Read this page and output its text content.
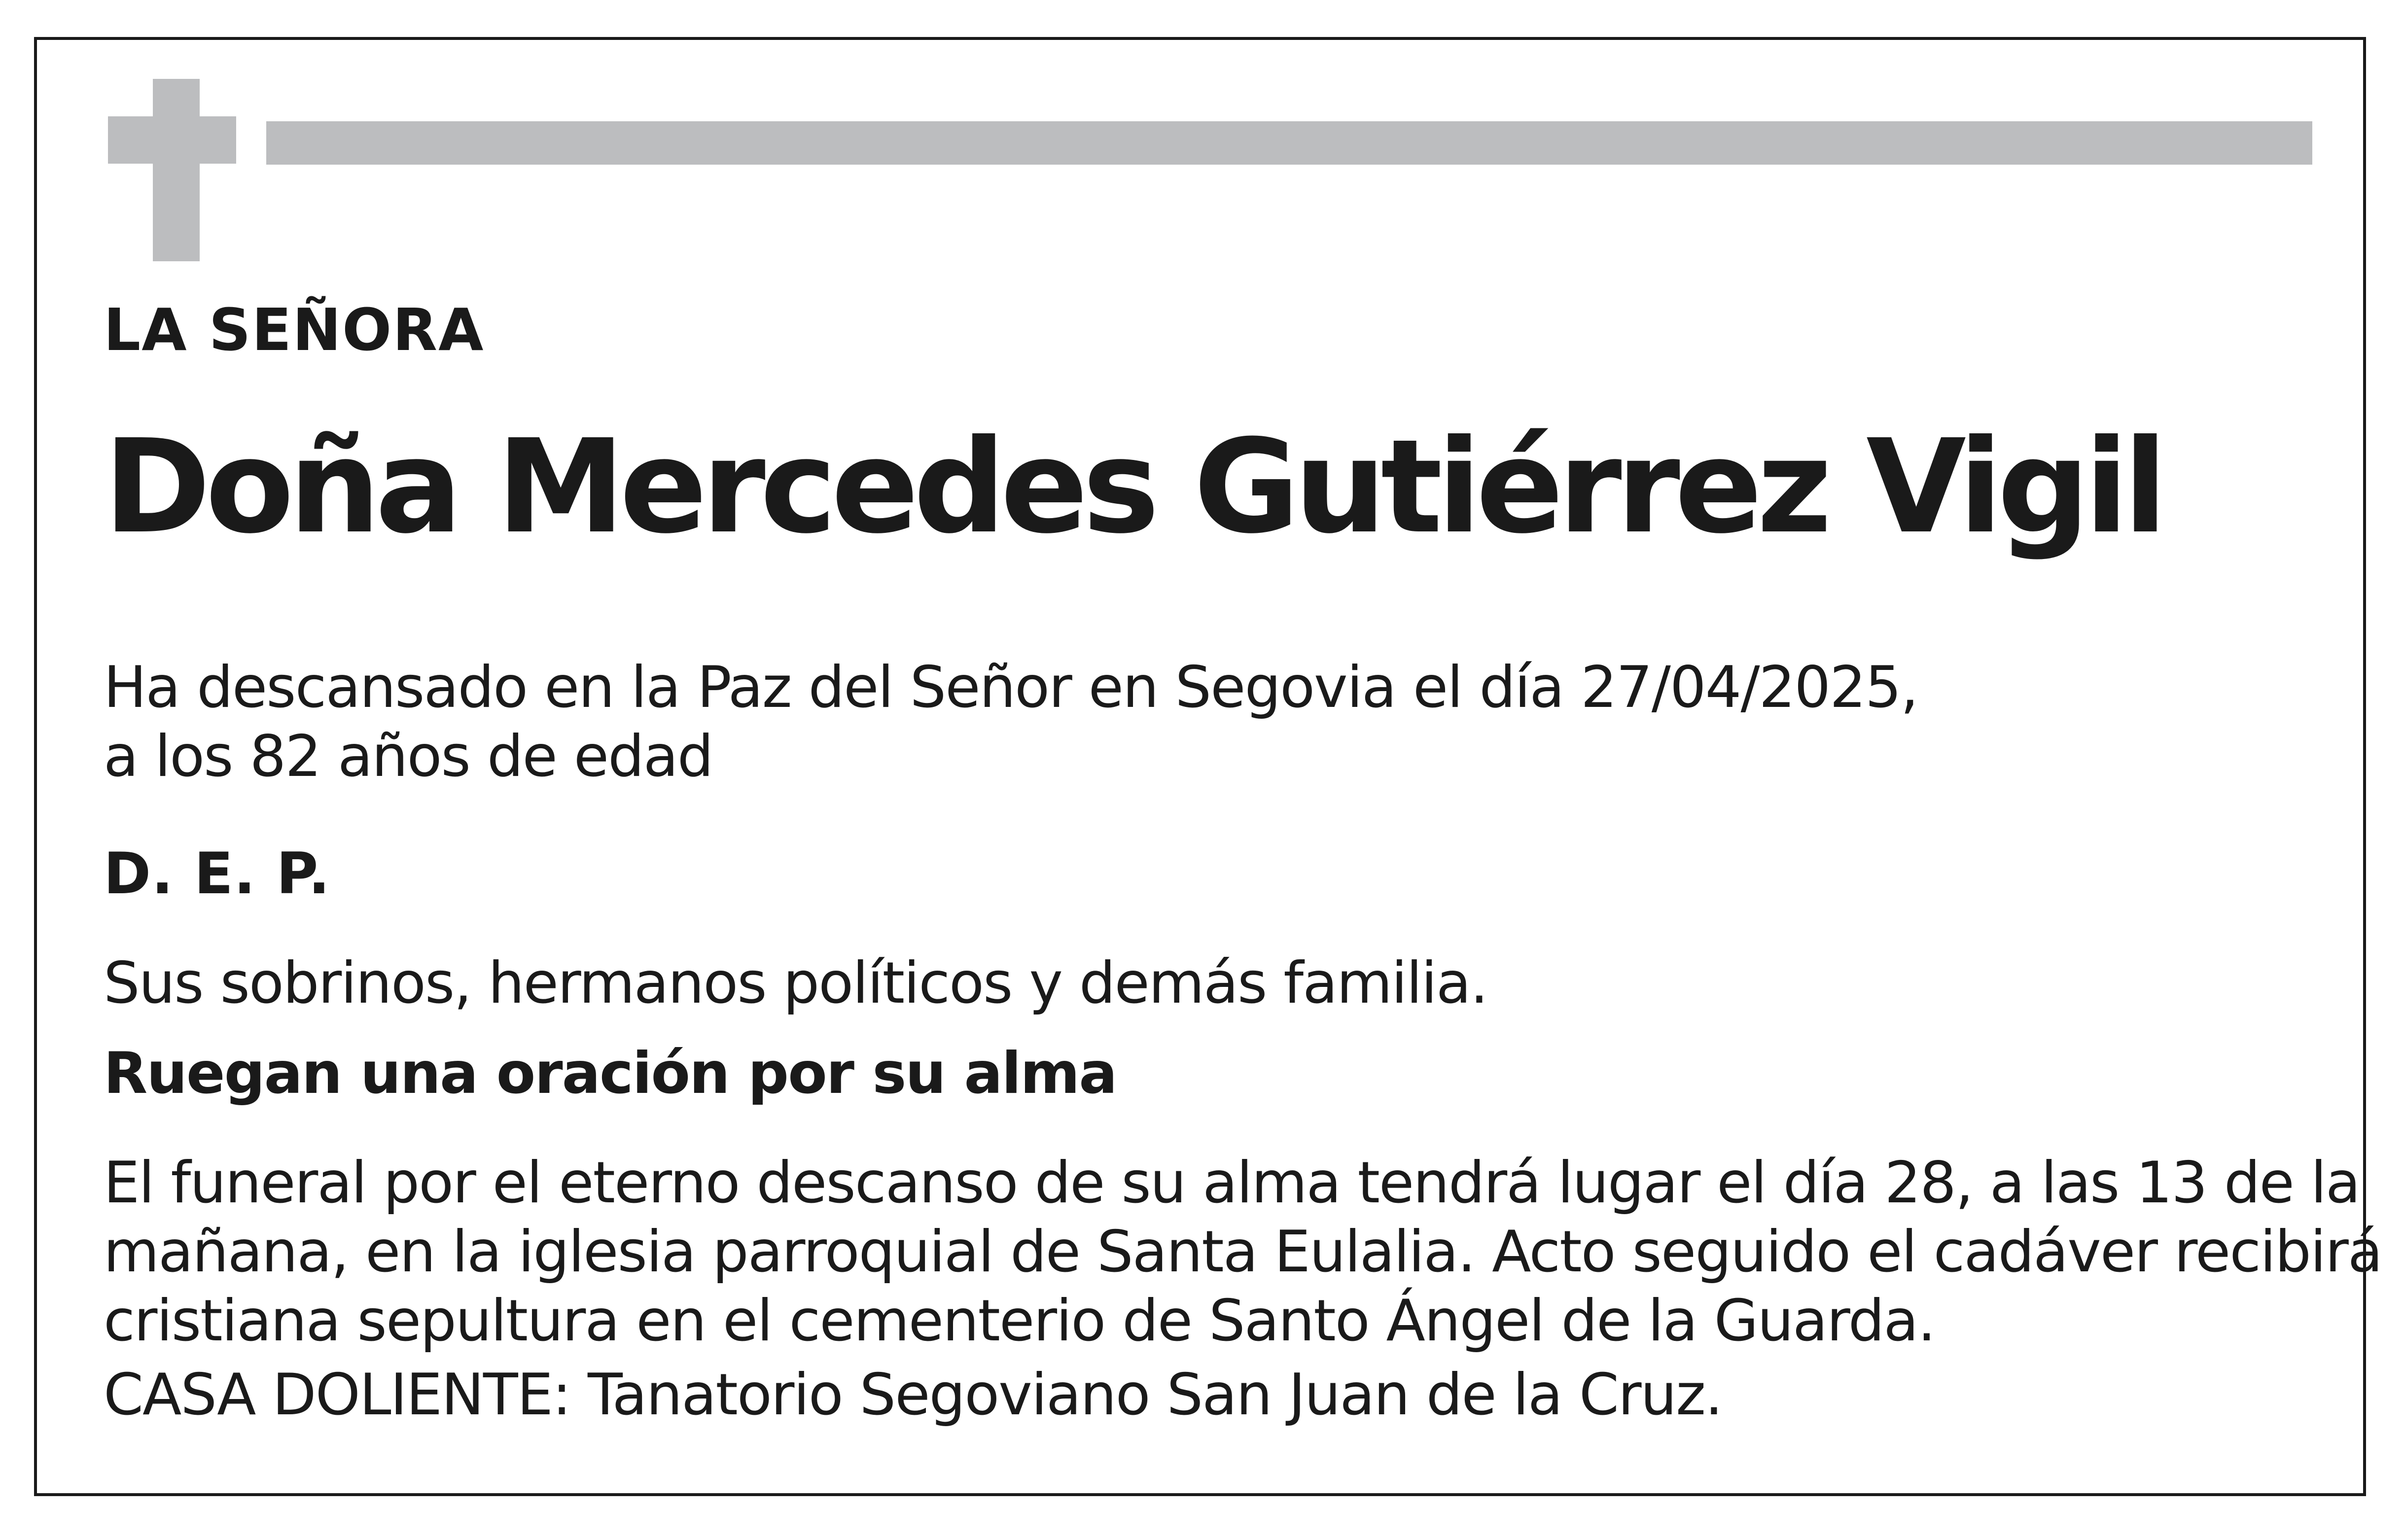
LA SEÑORA

Doña Mercedes Gutiérrez Vigil

Ha descansado en la Paz del Señor en Segovia el día 27/04/2025,

a los 82 años de edad

D. E. P.

Sus sobrinos, hermanos políticos y demás familia.

Ruegan una oración por su alma

El funeral por el eterno descanso de su alma tendrá lugar el día 28, a las 13 de la

mañana, en la iglesia parroquial de Santa Eulalia. Acto seguido el cadáver recibirá

cristiana sepultura en el cementerio de Santo Ángel de la Guarda.

CASA DOLIENTE: Tanatorio Segoviano San Juan de la Cruz.
